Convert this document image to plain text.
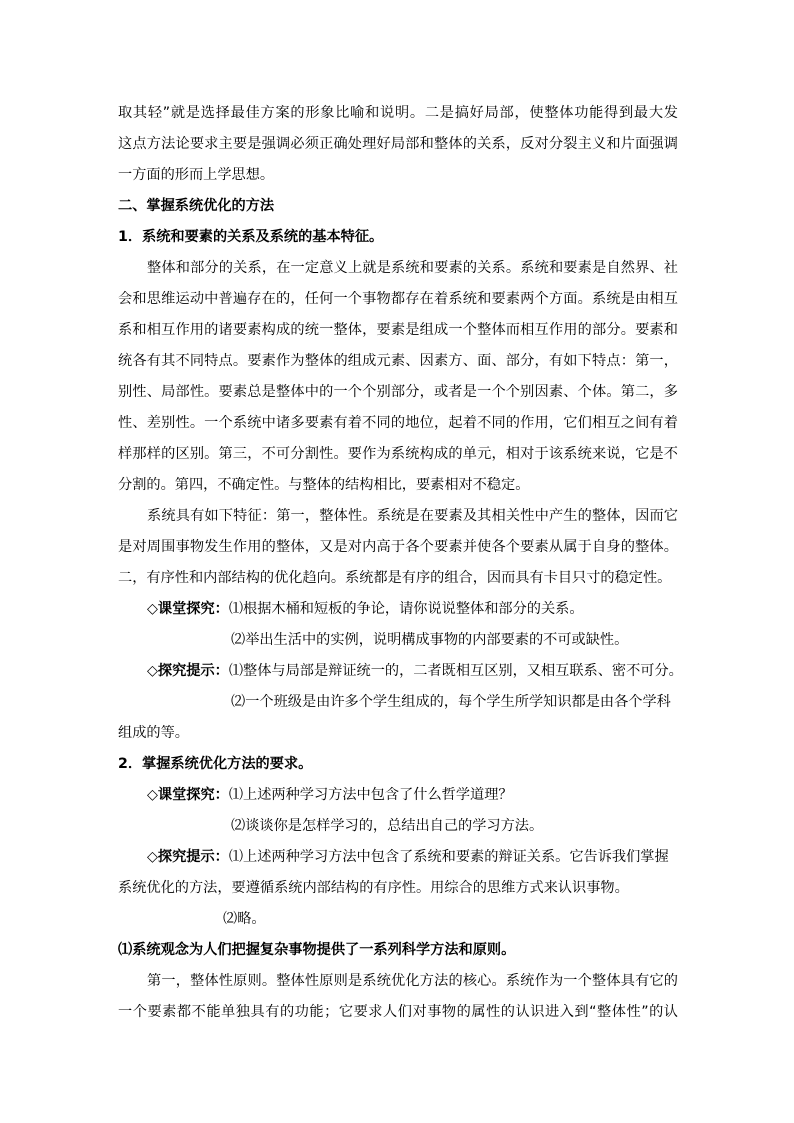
取其轻”就是选择最佳方案的形象比喻和说明。二是搞好局部，使整体功能得到最大发
这点方法论要求主要是强调必须正确处理好局部和整体的关系，反对分裂主义和片面强调
一方面的形而上学思想。
二、掌握系统优化的方法
1．系统和要素的关系及系统的基本特征。
整体和部分的关系，在一定意义上就是系统和要素的关系。系统和要素是自然界、社
会和思维运动中普遍存在的，任何一个事物都存在着系统和要素两个方面。系统是由相互
系和相互作用的诸要素构成的统一整体，要素是组成一个整体而相互作用的部分。要素和
统各有其不同特点。要素作为整体的组成元素、因素方、面、部分，有如下特点：第一，
别性、局部性。要素总是整体中的一个个别部分，或者是一个个别因素、个体。第二，多
性、差别性。一个系统中诸多要素有着不同的地位，起着不同的作用，它们相互之间有着
样那样的区别。第三，不可分割性。要作为系统构成的单元，相对于该系统来说，它是不
分割的。第四，不确定性。与整体的结构相比，要素相对不稳定。
系统具有如下特征：第一，整体性。系统是在要素及其相关性中产生的整体，因而它
是对周围事物发生作用的整体，又是对内高于各个要素并使各个要素从属于自身的整体。
二，有序性和内部结构的优化趋向。系统都是有序的组合，因而具有卡目只寸的稳定性。
◇课堂探究：⑴根据木桶和短板的争论，请你说说整体和部分的关系。
⑵举出生活中的实例，说明構成事物的内部要素的不可或缺性。
◇探究提示：⑴整体与局部是辩证统一的，二者既相互区别，又相互联系、密不可分。
⑵一个班级是由许多个学生组成的，每个学生所学知识都是由各个学科
组成的等。
2．掌握系统优化方法的要求。
◇课堂探究：⑴上述两种学习方法中包含了什么哲学道理？
⑵谈谈你是怎样学习的，总结出自己的学习方法。
◇探究提示：⑴上述两种学习方法中包含了系统和要素的辩证关系。它告诉我们掌握
系统优化的方法，要遵循系统内部结构的有序性。用综合的思维方式来认识事物。
⑵略。
⑴系统观念为人们把握复杂事物提供了一系列科学方法和原则。
第一，整体性原则。整体性原则是系统优化方法的核心。系统作为一个整体具有它的
一个要素都不能单独具有的功能；它要求人们对事物的属性的认识进入到“整体性”的认
